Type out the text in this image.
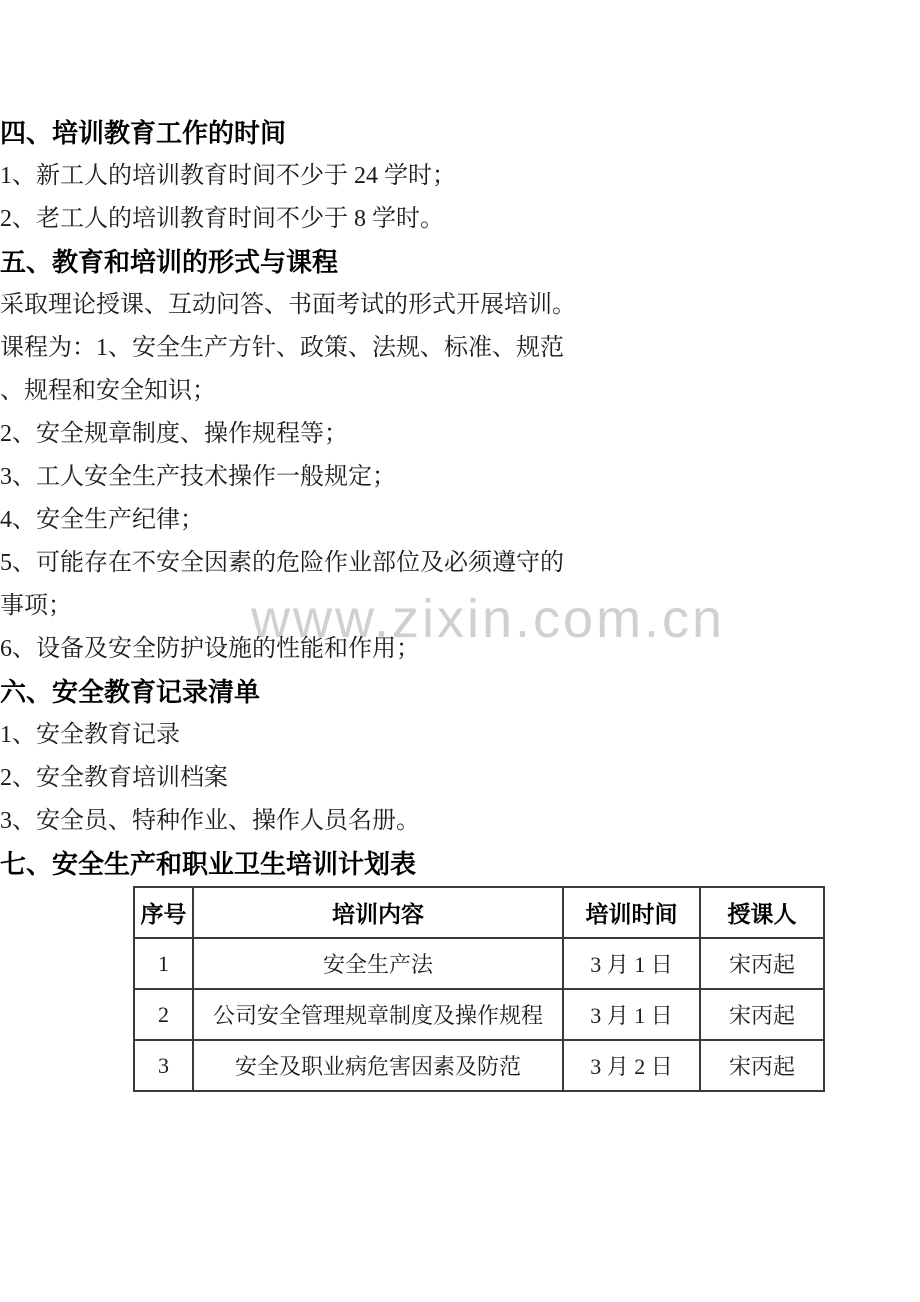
www.zixin.com.cn

四、培训教育工作的时间

1、新工人的培训教育时间不少于 24 学时；

2、老工人的培训教育时间不少于 8 学时。

五、教育和培训的形式与课程

采取理论授课、互动问答、书面考试的形式开展培训。

课程为：1、安全生产方针、政策、法规、标准、规范

、规程和安全知识；

2、安全规章制度、操作规程等；

3、工人安全生产技术操作一般规定；

4、安全生产纪律；

5、可能存在不安全因素的危险作业部位及必须遵守的

事项；

6、设备及安全防护设施的性能和作用；

六、安全教育记录清单

1、安全教育记录

2、安全教育培训档案

3、安全员、特种作业、操作人员名册。

七、安全生产和职业卫生培训计划表

序号	培训内容	培训时间	授课人
1	安全生产法	3 月 1 日	宋丙起
2	公司安全管理规章制度及操作规程	3 月 1 日	宋丙起
3	安全及职业病危害因素及防范	3 月 2 日	宋丙起
